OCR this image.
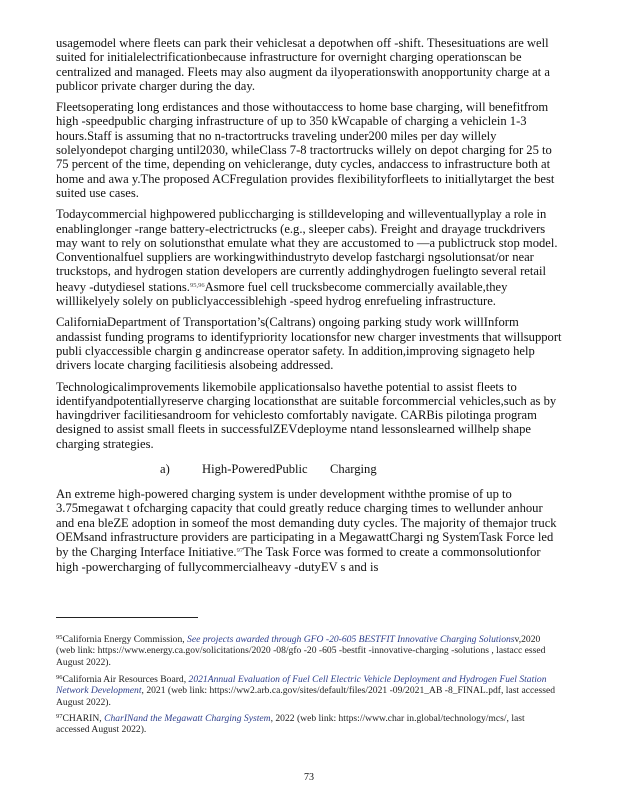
usagemodel where fleets can park their vehiclesat a depotwhen off -shift. Thesesituations are well suited for initialelectrificationbecause infrastructure for overnight charging operationscan be centralized and managed. Fleets may also augment da ilyoperationswith anopportunity charge at a publicor private charger during the day.

Fleetsoperating long erdistances and those withoutaccess to home base charging, will benefitfrom high -speedpublic charging infrastructure of up to 350 kWcapable of charging a vehiclein 1-3 hours.Staff is assuming that no n-tractortrucks traveling under200 miles per day willely solelyondepot charging until2030, whileClass 7-8 tractortrucks willely on depot charging for 25 to 75 percent of the time, depending on vehiclerange, duty cycles, andaccess to infrastructure both at home and awa y.The proposed ACFregulation provides flexibilityforfleets to initiallytarget the best suited use cases.

Todaycommercial highpowered publiccharging is stilldeveloping and willeventuallyplay a role in enablinglonger -range battery-electrictrucks (e.g., sleeper cabs). Freight and drayage truckdrivers may want to rely on solutionsthat emulate what they are accustomed to —a publictruck stop model. Conventionalfuel suppliers are workingwithindustryto develop fastchargi ngsolutionsat/or near truckstops, and hydrogen station developers are currently addinghydrogen fuelingto several retail heavy -dutydiesel stations.$^{95,96}$Asmore fuel cell trucksbecome commercially available,they willlikelyely solely on publiclyaccessiblehigh -speed hydrog enrefueling infrastructure.

CaliforniaDepartment of Transportation’s(Caltrans) ongoing parking study work willInform andassist funding programs to identifypriority locationsfor new charger investments that willsupport publi clyaccessible chargin g andincrease operator safety. In addition,improving signageto help drivers locate charging facilitiesis alsobeing addressed.

Technologicalimprovements likemobile applicationsalso havethe potential to assist fleets to identifyandpotentiallyreserve charging locationsthat are suitable forcommercial vehicles,such as by havingdriver facilitiesandroom for vehiclesto comfortably navigate. CARBis pilotinga program designed to assist small fleets in successfulZEVdeployme ntand lessonslearned willhelp shape charging strategies.

a)	High-PoweredPublic Charging

An extreme high-powered charging system is under development withthe promise of up to 3.75megawat t ofcharging capacity that could greatly reduce charging times to wellunder anhour and ena bleZE adoption in someof the most demanding duty cycles. The majority of themajor truck OEMsand infrastructure providers are participating in a MegawattChargi ng SystemTask Force led by the Charging Interface Initiative.$^{97}$The Task Force was formed to create a commonsolutionfor high -powercharging of fullycommercialheavy -dutyEV s and is

$^{95}$California Energy Commission, See projects awarded through GFO -20-605 BESTFIT Innovative Charging Solutionsv,2020 (web link: https://www.energy.ca.gov/solicitations/2020 -08/gfo -20 -605 -bestfit -innovative-charging -solutions , lastacc essed August 2022).
$^{96}$California Air Resources Board, 2021Annual Evaluation of Fuel Cell Electric Vehicle Deployment and Hydrogen Fuel Station Network Development, 2021 (web link: https://ww2.arb.ca.gov/sites/default/files/2021 -09/2021_AB -8_FINAL.pdf, last accessed August 2022).
$^{97}$CHARIN, CharINand the Megawatt Charging System, 2022 (web link: https://www.char in.global/technology/mcs/, last accessed August 2022).
73
